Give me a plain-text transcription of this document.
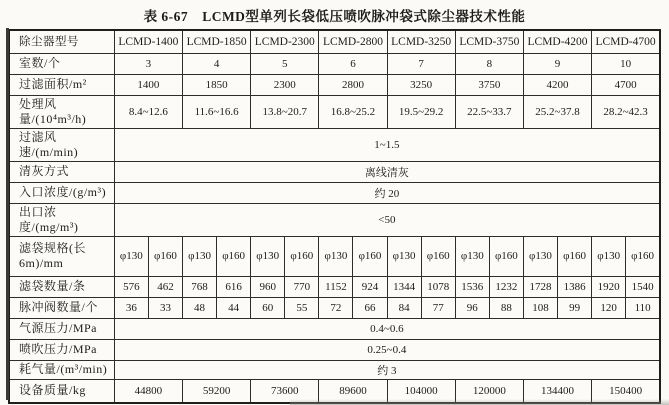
表 6-67 LCMD型单列长袋低压喷吹脉冲袋式除尘器技术性能
除尘器型号	LCMD-1400		LCMD-1850		LCMD-2300		LCMD-2800		LCMD-3250		LCMD-3750		LCMD-4200		LCMD-4700	
室数/个	3		4		5		6		7		8		9		10	
过滤面积/m²	1400		1850		2300		2800		3250		3750		4200		4700	
处理风量/(10⁴m³/h)	8.4~12.6		11.6~16.6		13.8~20.7		16.8~25.2		19.5~29.2		22.5~33.7		25.2~37.8		28.2~42.3	
过滤风速/(m/min)	1~1.5															
清灰方式	离线清灰															
入口浓度/(g/m³)	约 20															
出口浓度/(mg/m³)	<50															
滤袋规格(长 6m)/mm	φ130	φ160	φ130	φ160	φ130	φ160	φ130	φ160	φ130	φ160	φ130	φ160	φ130	φ160	φ130	φ160
滤袋数量/条	576	462	768	616	960	770	1152	924	1344	1078	1536	1232	1728	1386	1920	1540
脉冲阀数量/个	36	33	48	44	60	55	72	66	84	77	96	88	108	99	120	110
气源压力/MPa	0.4~0.6															
喷吹压力/MPa	0.25~0.4															
耗气量/(m³/min)	约 3															
设备质量/kg	44800		59200		73600		89600		104000		120000		134400		150400	
